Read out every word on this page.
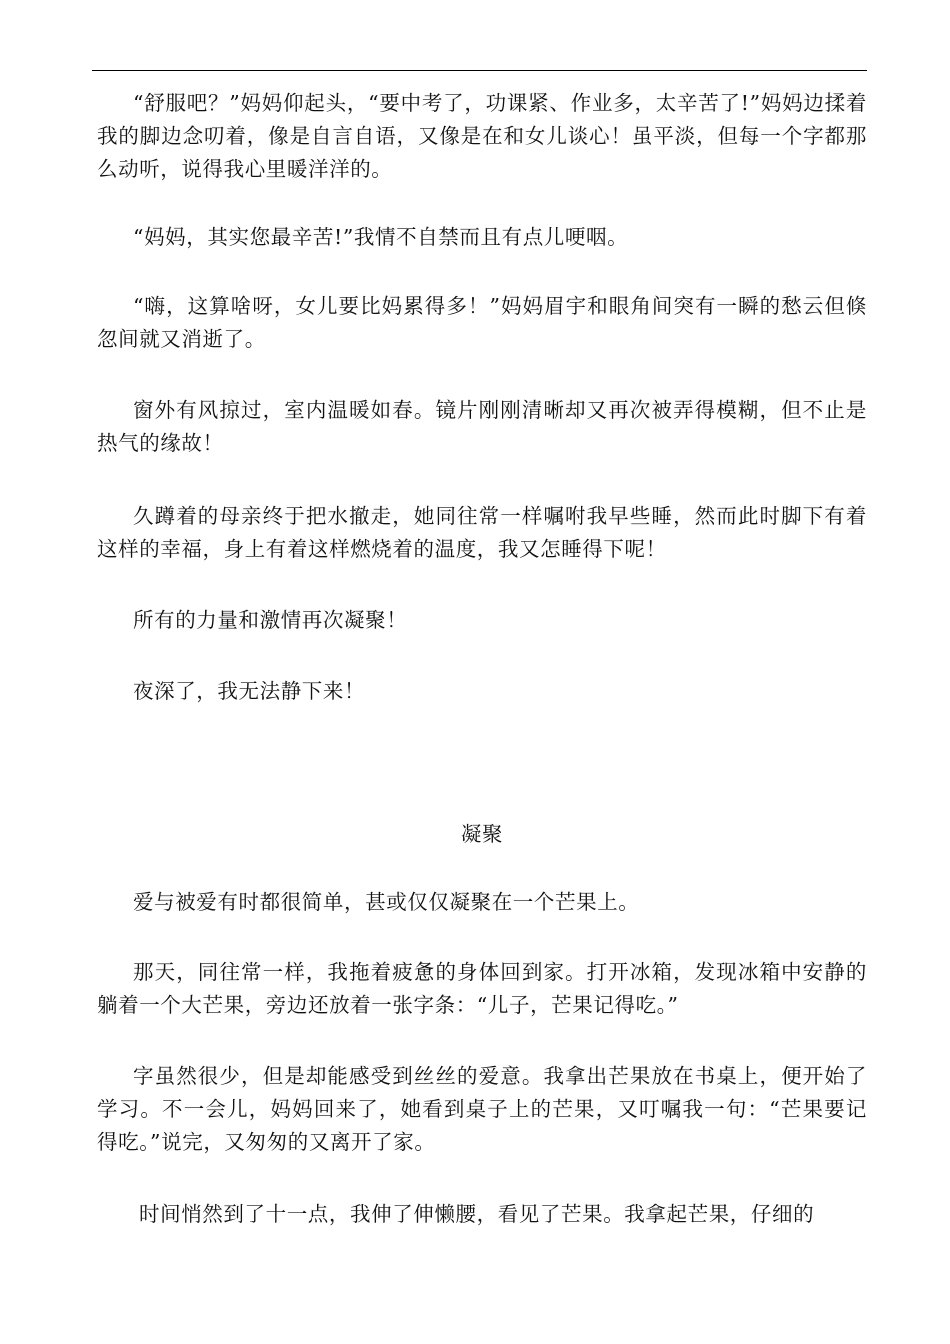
“舒服吧？”妈妈仰起头，“要中考了，功课紧、作业多，太辛苦了!”妈妈边揉着我的脚边念叨着，像是自言自语，又像是在和女儿谈心！虽平淡，但每一个字都那么动听，说得我心里暖洋洋的。

“妈妈，其实您最辛苦!”我情不自禁而且有点儿哽咽。

“嗨，这算啥呀，女儿要比妈累得多！”妈妈眉宇和眼角间突有一瞬的愁云但倏忽间就又消逝了。

窗外有风掠过，室内温暖如春。镜片刚刚清晰却又再次被弄得模糊，但不止是热气的缘故！

久蹲着的母亲终于把水撤走，她同往常一样嘱咐我早些睡，然而此时脚下有着这样的幸福，身上有着这样燃烧着的温度，我又怎睡得下呢！

所有的力量和激情再次凝聚！

夜深了，我无法静下来！

凝聚

爱与被爱有时都很简单，甚或仅仅凝聚在一个芒果上。

那天，同往常一样，我拖着疲惫的身体回到家。打开冰箱，发现冰箱中安静的躺着一个大芒果，旁边还放着一张字条：“儿子，芒果记得吃。”

字虽然很少，但是却能感受到丝丝的爱意。我拿出芒果放在书桌上，便开始了学习。不一会儿，妈妈回来了，她看到桌子上的芒果，又叮嘱我一句：“芒果要记得吃。”说完，又匆匆的又离开了家。

时间悄然到了十一点，我伸了伸懒腰，看见了芒果。我拿起芒果，仔细的
